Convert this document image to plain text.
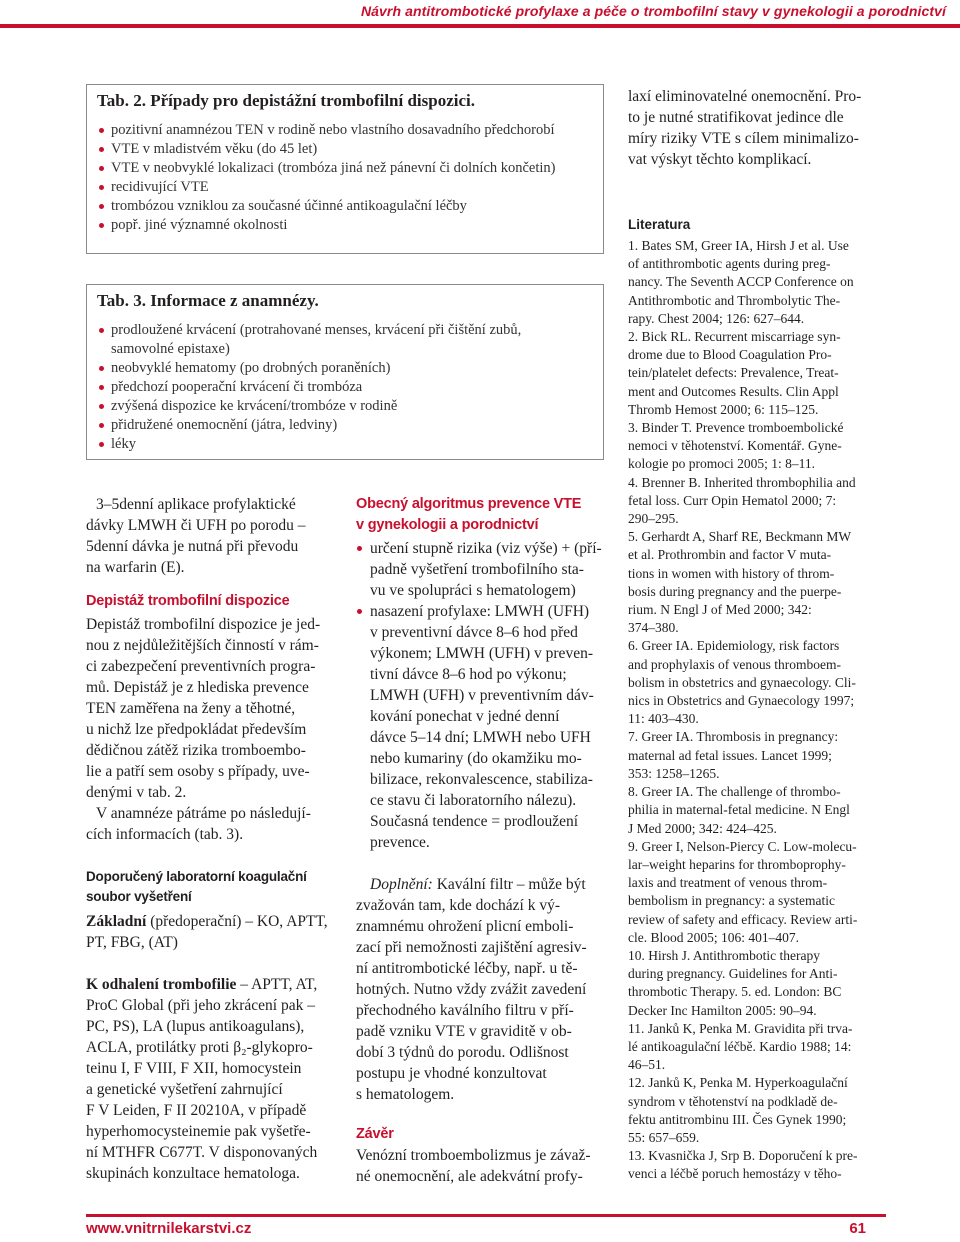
Návrh antitrombotické profylaxe a péče o trombofilní stavy v gynekologii a porodnictví
Tab. 2. Případy pro depistážní trombofilní dispozici.
pozitivní anamnézou TEN v rodině nebo vlastního dosavadního předchorobí
VTE v mladistvém věku (do 45 let)
VTE v neobvyklé lokalizaci (trombóza jiná než pánevní či dolních končetin)
recidivující VTE
trombózou vzniklou za současné účinné antikoagulační léčby
popř. jiné významné okolnosti
Tab. 3. Informace z anamnézy.
prodloužené krvácení (protrahované menses, krvácení při čištění zubů,
samovolné epistaxe)
neobvyklé hematomy (po drobných poraněních)
předchozí pooperační krvácení či trombóza
zvýšená dispozice ke krvácení/trombóze v rodině
přidružené onemocnění (játra, ledviny)
léky
3–5denní aplikace profylaktické
dávky LMWH či UFH po porodu –
5denní dávka je nutná při převodu
na warfarin (E).
Depistáž trombofilní dispozice
Depistáž trombofilní dispozice je jed-
nou z nejdůležitějších činností v rám-
ci zabezpečení preventivních progra-
mů. Depistáž je z hlediska prevence
TEN zaměřena na ženy a těhotné,
u nichž lze předpokládat především
dědičnou zátěž rizika tromboembo-
lie a patří sem osoby s případy, uve-
denými v tab. 2.
V anamnéze pátráme po následují-
cích informacích (tab. 3).
Doporučený laboratorní koagulační
soubor vyšetření
Základní (předoperační) – KO, APTT,
PT, FBG, (AT)
K odhalení trombofilie – APTT, AT,
ProC Global (při jeho zkrácení pak –
PC, PS), LA (lupus antikoagulans),
ACLA, protilátky proti β₂-glykopro-
teinu I, F VIII, F XII, homocystein
a genetické vyšetření zahrnující
F V Leiden, F II 20210A, v případě
hyperhomocysteinemie pak vyšetře-
ní MTHFR C677T. V disponovaných
skupinách konzultace hematologa.
Obecný algoritmus prevence VTE
v gynekologii a porodnictví
určení stupně rizika (viz výše) + (pří-
padně vyšetření trombofilního sta-
vu ve spolupráci s hematologem)
nasazení profylaxe: LMWH (UFH)
v preventivní dávce 8–6 hod před
výkonem; LMWH (UFH) v preven-
tivní dávce 8–6 hod po výkonu;
LMWH (UFH) v preventivním dáv-
kování ponechat v jedné denní
dávce 5–14 dní; LMWH nebo UFH
nebo kumariny (do okamžiku mo-
bilizace, rekonvalescence, stabiliza-
ce stavu či laboratorního nálezu).
Současná tendence = prodloužení
prevence.
Doplnění: Kavální filtr – může být
zvažován tam, kde dochází k vý-
znamnému ohrožení plicní emboli-
zací při nemožnosti zajištění agresiv-
ní antitrombotické léčby, např. u tě-
hotných. Nutno vždy zvážit zavedení
přechodného kaválního filtru v pří-
padě vzniku VTE v graviditě v ob-
dobí 3 týdnů do porodu. Odlišnost
postupu je vhodné konzultovat
s hematologem.
Závěr
Venózní tromboembolizmus je závaž-
né onemocnění, ale adekvátní profy-
laxí eliminovatelné onemocnění. Pro-
to je nutné stratifikovat jedince dle
míry riziky VTE s cílem minimalizo-
vat výskyt těchto komplikací.
Literatura
1. Bates SM, Greer IA, Hirsh J et al. Use
of antithrombotic agents during preg-
nancy. The Seventh ACCP Conference on
Antithrombotic and Thrombolytic The-
rapy. Chest 2004; 126: 627–644.
2. Bick RL. Recurrent miscarriage syn-
drome due to Blood Coagulation Pro-
tein/platelet defects: Prevalence, Treat-
ment and Outcomes Results. Clin Appl
Thromb Hemost 2000; 6: 115–125.
3. Binder T. Prevence tromboembolické
nemoci v těhotenství. Komentář. Gyne-
kologie po promoci 2005; 1: 8–11.
4. Brenner B. Inherited thrombophilia and
fetal loss. Curr Opin Hematol 2000; 7:
290–295.
5. Gerhardt A, Sharf RE, Beckmann MW
et al. Prothrombin and factor V muta-
tions in women with history of throm-
bosis during pregnancy and the puerpe-
rium. N Engl J of Med 2000; 342:
374–380.
6. Greer IA. Epidemiology, risk factors
and prophylaxis of venous thromboem-
bolism in obstetrics and gynaecology. Cli-
nics in Obstetrics and Gynaecology 1997;
11: 403–430.
7. Greer IA. Thrombosis in pregnancy:
maternal ad fetal issues. Lancet 1999;
353: 1258–1265.
8. Greer IA. The challenge of thrombo-
philia in maternal-fetal medicine. N Engl
J Med 2000; 342: 424–425.
9. Greer I, Nelson-Piercy C. Low-molecu-
lar–weight heparins for thromboprophy-
laxis and treatment of venous throm-
bembolism in pregnancy: a systematic
review of safety and efficacy. Review arti-
cle. Blood 2005; 106: 401–407.
10. Hirsh J. Antithrombotic therapy
during pregnancy. Guidelines for Anti-
thrombotic Therapy. 5. ed. London: BC
Decker Inc Hamilton 2005: 90–94.
11. Janků K, Penka M. Gravidita při trva-
lé antikoagulační léčbě. Kardio 1988; 14:
46–51.
12. Janků K, Penka M. Hyperkoagulační
syndrom v těhotenství na podkladě de-
fektu antitrombinu III. Čes Gynek 1990;
55: 657–659.
13. Kvasnička J, Srp B. Doporučení k pre-
venci a léčbě poruch hemostázy v těho-
www.vnitrnilekarstvi.cz	61
